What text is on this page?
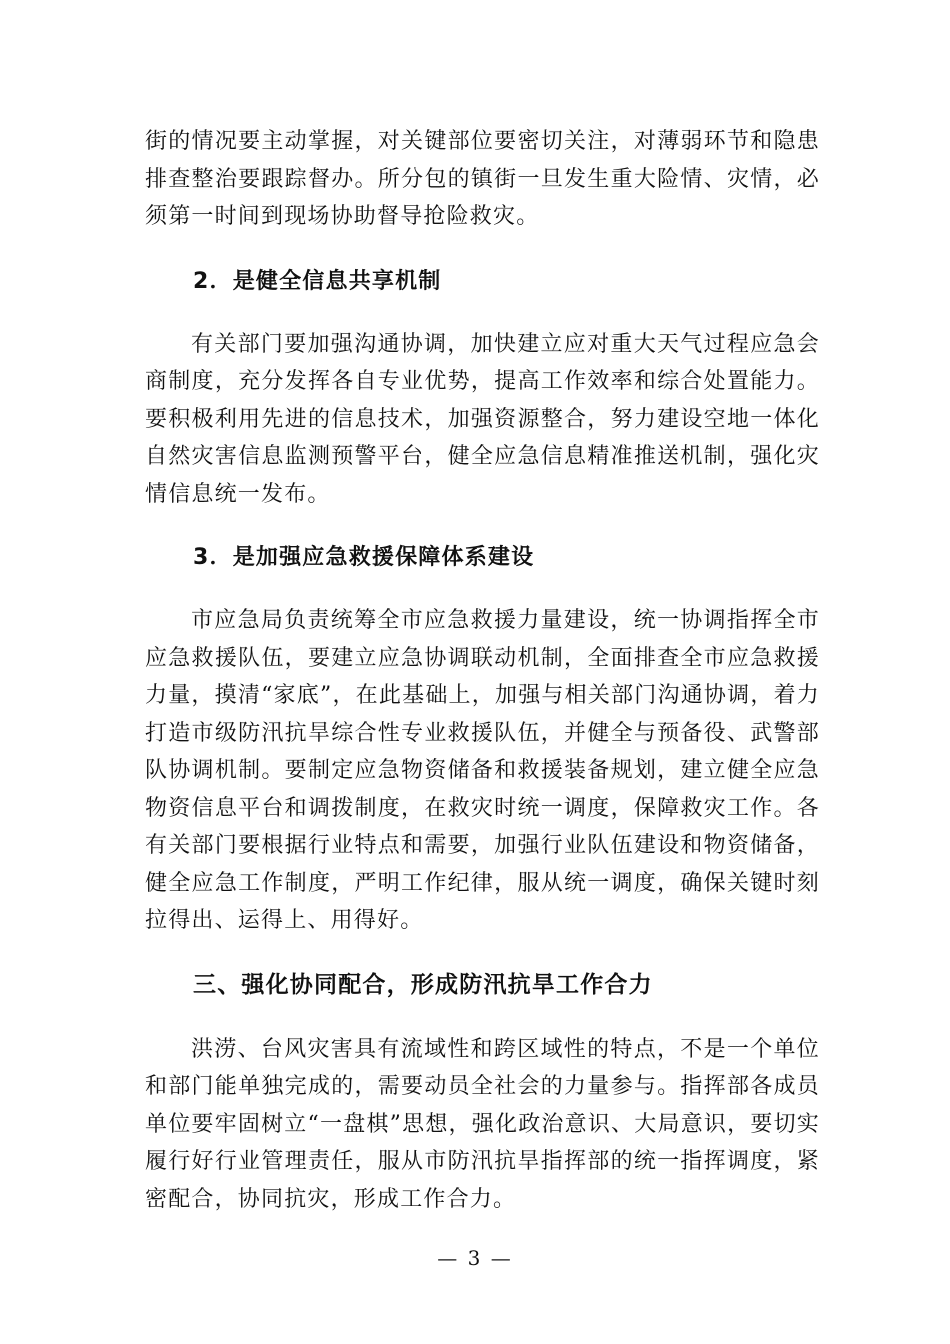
街的情况要主动掌握，对关键部位要密切关注，对薄弱环节和隐患排查整治要跟踪督办。所分包的镇街一旦发生重大险情、灾情，必须第一时间到现场协助督导抢险救灾。

2．是健全信息共享机制

有关部门要加强沟通协调，加快建立应对重大天气过程应急会商制度，充分发挥各自专业优势，提高工作效率和综合处置能力。要积极利用先进的信息技术，加强资源整合，努力建设空地一体化自然灾害信息监测预警平台，健全应急信息精准推送机制，强化灾情信息统一发布。

3．是加强应急救援保障体系建设

市应急局负责统筹全市应急救援力量建设，统一协调指挥全市应急救援队伍，要建立应急协调联动机制，全面排查全市应急救援力量，摸清“家底”，在此基础上，加强与相关部门沟通协调，着力打造市级防汛抗旱综合性专业救援队伍，并健全与预备役、武警部队协调机制。要制定应急物资储备和救援装备规划，建立健全应急物资信息平台和调拨制度，在救灾时统一调度，保障救灾工作。各有关部门要根据行业特点和需要，加强行业队伍建设和物资储备，健全应急工作制度，严明工作纪律，服从统一调度，确保关键时刻拉得出、运得上、用得好。

三、强化协同配合，形成防汛抗旱工作合力

洪涝、台风灾害具有流域性和跨区域性的特点，不是一个单位和部门能单独完成的，需要动员全社会的力量参与。指挥部各成员单位要牢固树立“一盘棋”思想，强化政治意识、大局意识，要切实履行好行业管理责任，服从市防汛抗旱指挥部的统一指挥调度，紧密配合，协同抗灾，形成工作合力。

— 3 —
